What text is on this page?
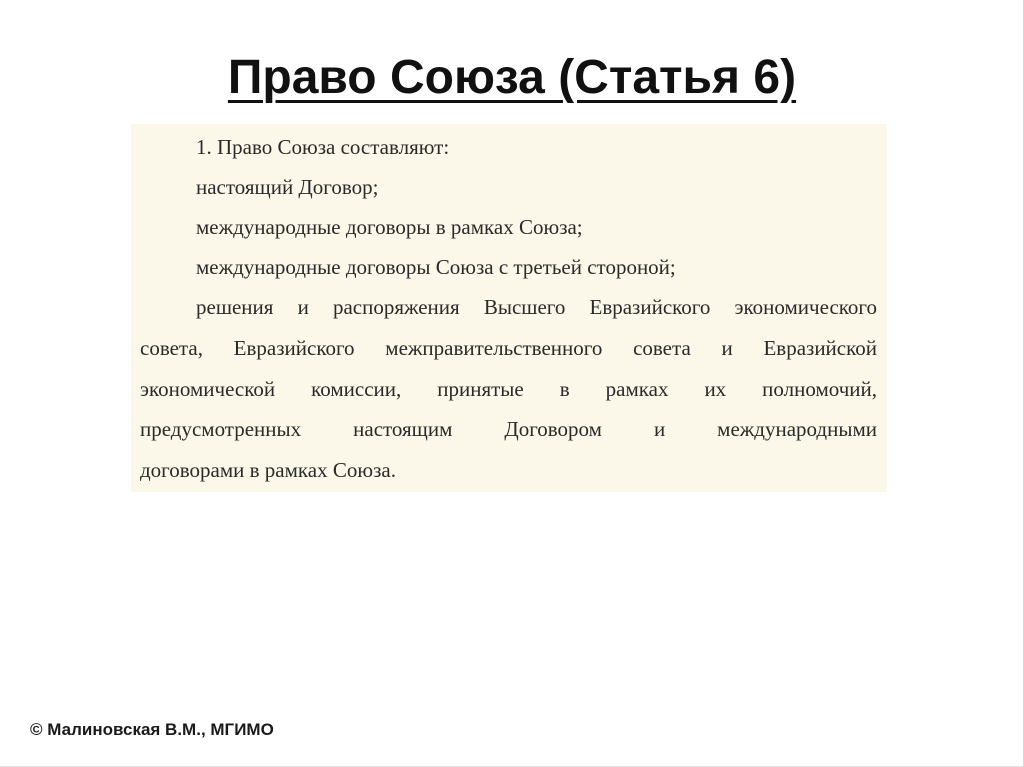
Право Союза (Статья 6)
1. Право Союза составляют:
настоящий Договор;
международные договоры в рамках Союза;
международные договоры Союза с третьей стороной;
решения и распоряжения Высшего Евразийского экономического
совета, Евразийского межправительственного совета и Евразийской
экономической комиссии, принятые в рамках их полномочий,
предусмотренных настоящим Договором и международными
договорами в рамках Союза.
© Малиновская В.М., МГИМО
